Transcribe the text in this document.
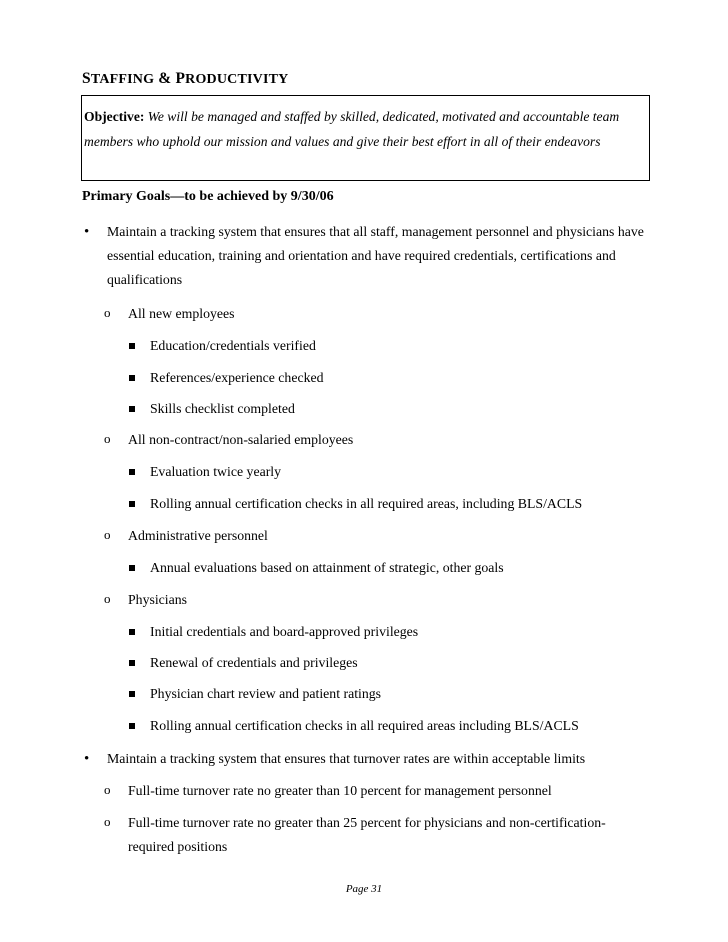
STAFFING & PRODUCTIVITY
Objective: We will be managed and staffed by skilled, dedicated, motivated and accountable team members who uphold our mission and values and give their best effort in all of their endeavors
Primary Goals—to be achieved by 9/30/06
• Maintain a tracking system that ensures that all staff, management personnel and physicians have essential education, training and orientation and have required credentials, certifications and qualifications
o All new employees
Education/credentials verified
References/experience checked
Skills checklist completed
o All non-contract/non-salaried employees
Evaluation twice yearly
Rolling annual certification checks in all required areas, including BLS/ACLS
o Administrative personnel
Annual evaluations based on attainment of strategic, other goals
o Physicians
Initial credentials and board-approved privileges
Renewal of credentials and privileges
Physician chart review and patient ratings
Rolling annual certification checks in all required areas including BLS/ACLS
• Maintain a tracking system that ensures that turnover rates are within acceptable limits
o Full-time turnover rate no greater than 10 percent for management personnel
o Full-time turnover rate no greater than 25 percent for physicians and non-certification-required positions
Page 31
